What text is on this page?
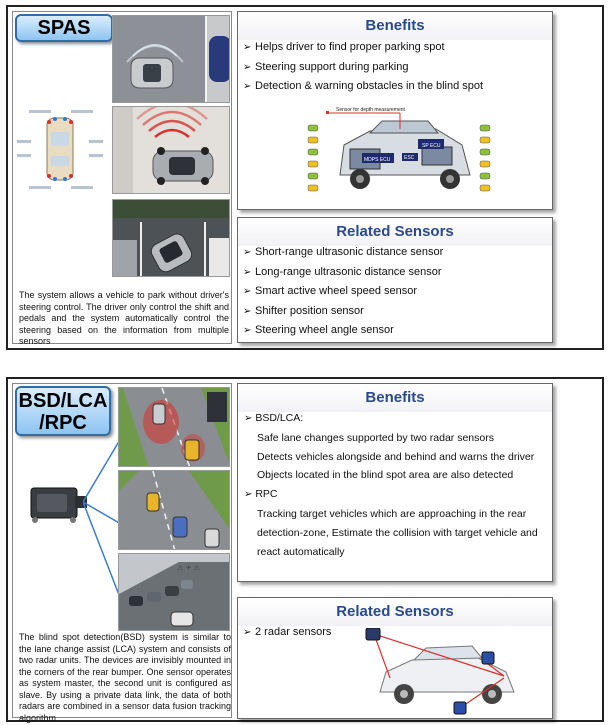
SPAS
The system allows a vehicle to park without driver's steering control. The driver only control the shift and pedals and the system automatically control the steering based on the information from multiple sensors
Benefits
➢ Helps driver to find proper parking spot
➢ Steering support during parking
➢ Detection & warning obstacles in the blind spot
MDPS ECU
SP ECU
ESC
Sensor for depth measurement
Related Sensors
➢ Short-range ultrasonic distance sensor
➢ Long-range ultrasonic distance sensor
➢ Smart active wheel speed sensor
➢ Shifter position sensor
➢ Steering wheel angle sensor
BSD/LCA
/RPC
⚠ ✈ ⚠
The blind spot detection(BSD) system is similar to the lane change assist (LCA) system and consists of two radar units. The devices are invisibly mounted in the corners of the rear bumper. One sensor operates as system master, the second unit is configured as slave. By using a private data link, the data of both radars are combined in a sensor data fusion tracking algorithm
Benefits
➢ BSD/LCA:
Safe lane changes supported by two radar sensors
Detects vehicles alongside and behind and warns the driver
Objects located in the blind spot area are also detected
➢ RPC
Tracking target vehicles which are approaching in the rear
detection-zone, Estimate the collision with target vehicle and
react automatically
Related Sensors
➢ 2 radar sensors
